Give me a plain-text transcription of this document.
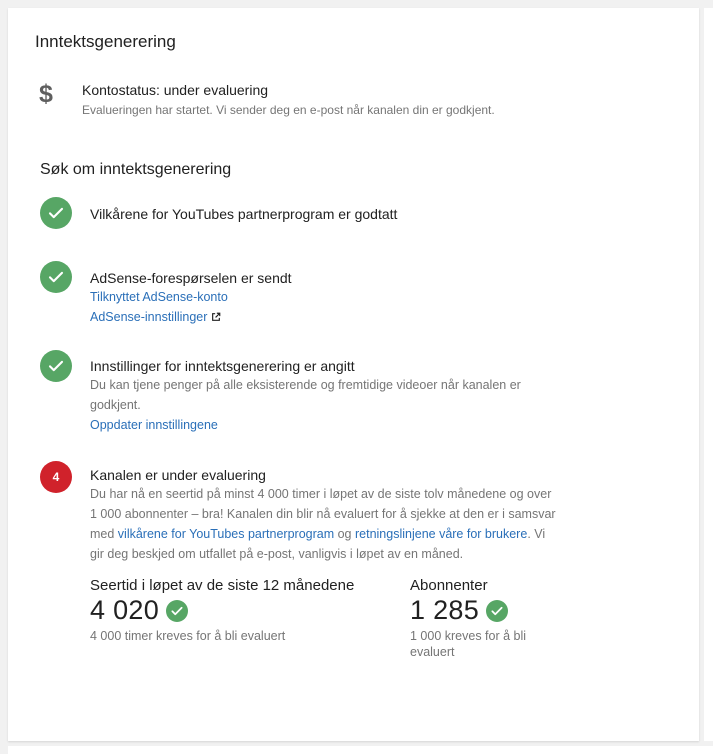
Inntektsgenerering
$ Kontostatus: under evaluering
Evalueringen har startet. Vi sender deg en e-post når kanalen din er godkjent.
Søk om inntektsgenerering
Vilkårene for YouTubes partnerprogram er godtatt
AdSense-forespørselen er sendt
Tilknyttet AdSense-konto
AdSense-innstillinger
Innstillinger for inntektsgenerering er angitt
Du kan tjene penger på alle eksisterende og fremtidige videoer når kanalen er godkjent.
Oppdater innstillingene
4	Kanalen er under evaluering
Du har nå en seertid på minst 4 000 timer i løpet av de siste tolv månedene og over 1 000 abonnenter – bra! Kanalen din blir nå evaluert for å sjekke at den er i samsvar med vilkårene for YouTubes partnerprogram og retningslinjene våre for brukere. Vi gir deg beskjed om utfallet på e-post, vanligvis i løpet av en måned.
Seertid i løpet av de siste 12 månedene
4 020
4 000 timer kreves for å bli evaluert
Abonnenter
1 285
1 000 kreves for å bli evaluert
